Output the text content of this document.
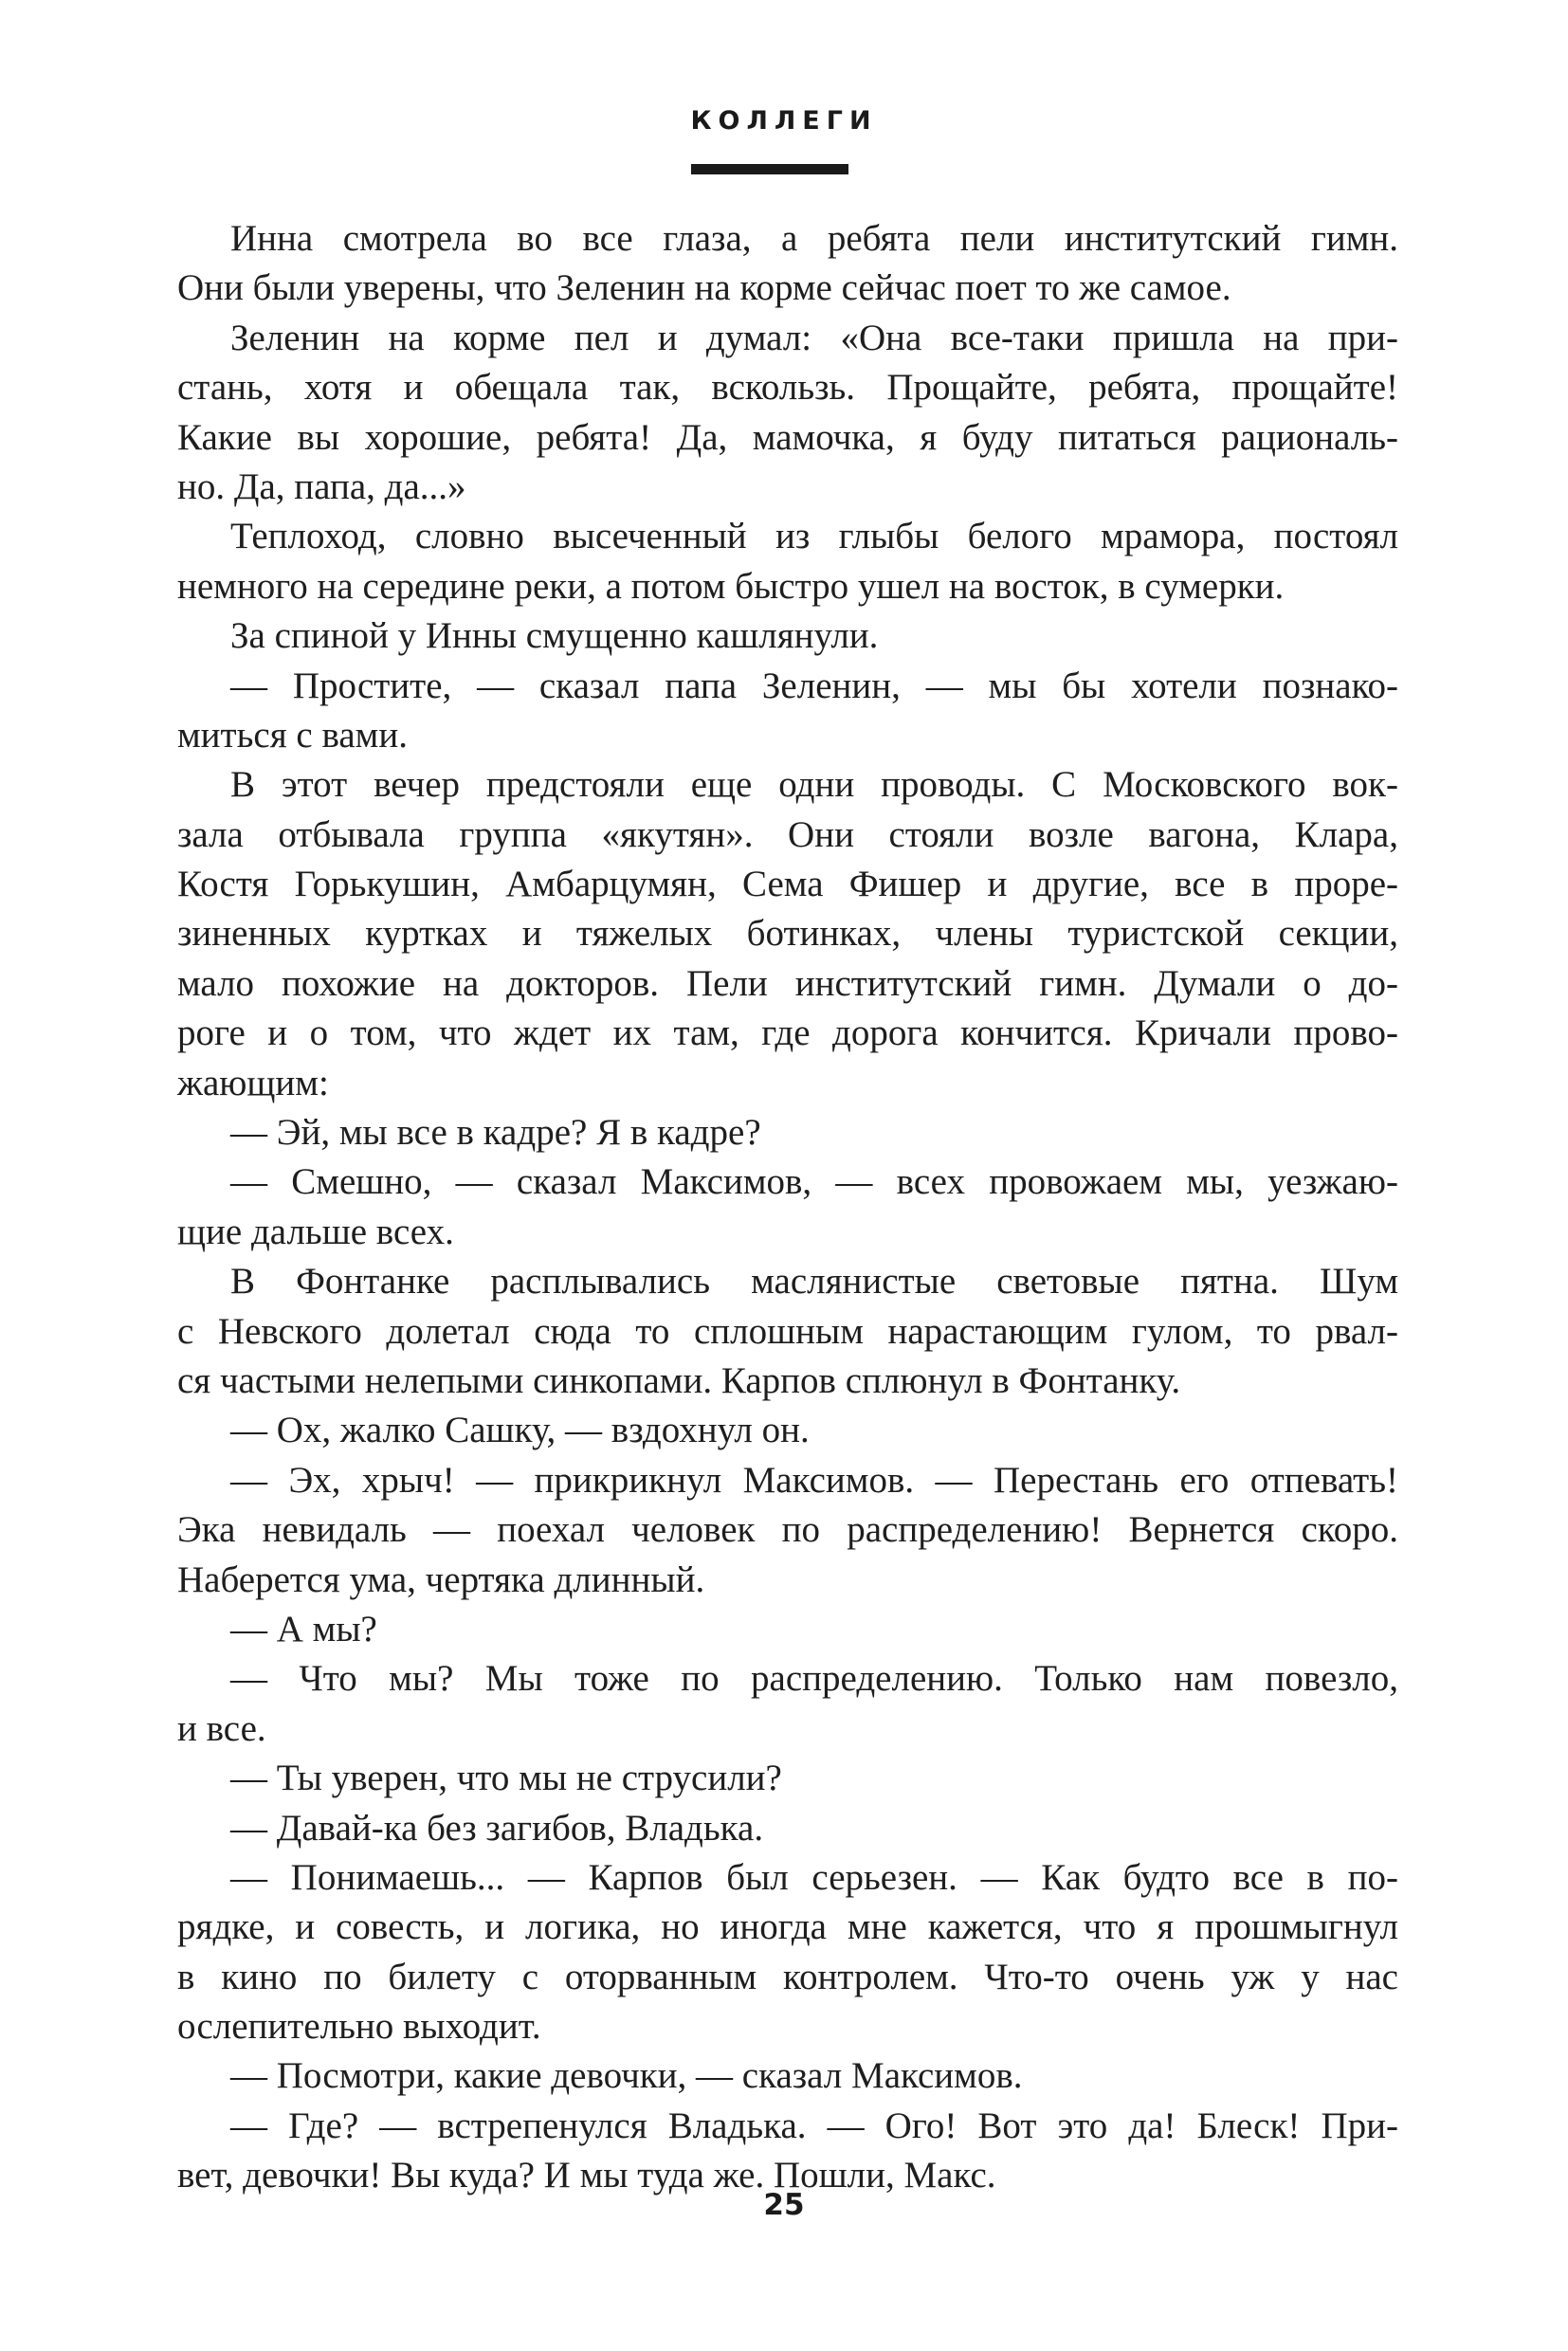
КОЛЛЕГИ
Инна смотрела во все глаза, а ребята пели институтский гимн.
Они были уверены, что Зеленин на корме сейчас поет то же самое.
Зеленин на корме пел и думал: «Она все-таки пришла на при-
стань, хотя и обещала так, вскользь. Прощайте, ребята, прощайте!
Какие вы хорошие, ребята! Да, мамочка, я буду питаться рациональ-
но. Да, папа, да...»
Теплоход, словно высеченный из глыбы белого мрамора, постоял
немного на середине реки, а потом быстро ушел на восток, в сумерки.
За спиной у Инны смущенно кашлянули.
— Простите, — сказал папа Зеленин, — мы бы хотели познако-
миться с вами.
В этот вечер предстояли еще одни проводы. С Московского вок-
зала отбывала группа «якутян». Они стояли возле вагона, Клара,
Костя Горькушин, Амбарцумян, Сема Фишер и другие, все в проре-
зиненных куртках и тяжелых ботинках, члены туристской секции,
мало похожие на докторов. Пели институтский гимн. Думали о до-
роге и о том, что ждет их там, где дорога кончится. Кричали прово-
жающим:
— Эй, мы все в кадре? Я в кадре?
— Смешно, — сказал Максимов, — всех провожаем мы, уезжаю-
щие дальше всех.
В Фонтанке расплывались маслянистые световые пятна. Шум
с Невского долетал сюда то сплошным нарастающим гулом, то рвал-
ся частыми нелепыми синкопами. Карпов сплюнул в Фонтанку.
— Ох, жалко Сашку, — вздохнул он.
— Эх, хрыч! — прикрикнул Максимов. — Перестань его отпевать!
Эка невидаль — поехал человек по распределению! Вернется скоро.
Наберется ума, чертяка длинный.
— А мы?
— Что мы? Мы тоже по распределению. Только нам повезло,
и все.
— Ты уверен, что мы не струсили?
— Давай-ка без загибов, Владька.
— Понимаешь... — Карпов был серьезен. — Как будто все в по-
рядке, и совесть, и логика, но иногда мне кажется, что я прошмыгнул
в кино по билету с оторванным контролем. Что-то очень уж у нас
ослепительно выходит.
— Посмотри, какие девочки, — сказал Максимов.
— Где? — встрепенулся Владька. — Ого! Вот это да! Блеск! При-
вет, девочки! Вы куда? И мы туда же. Пошли, Макс.
25
